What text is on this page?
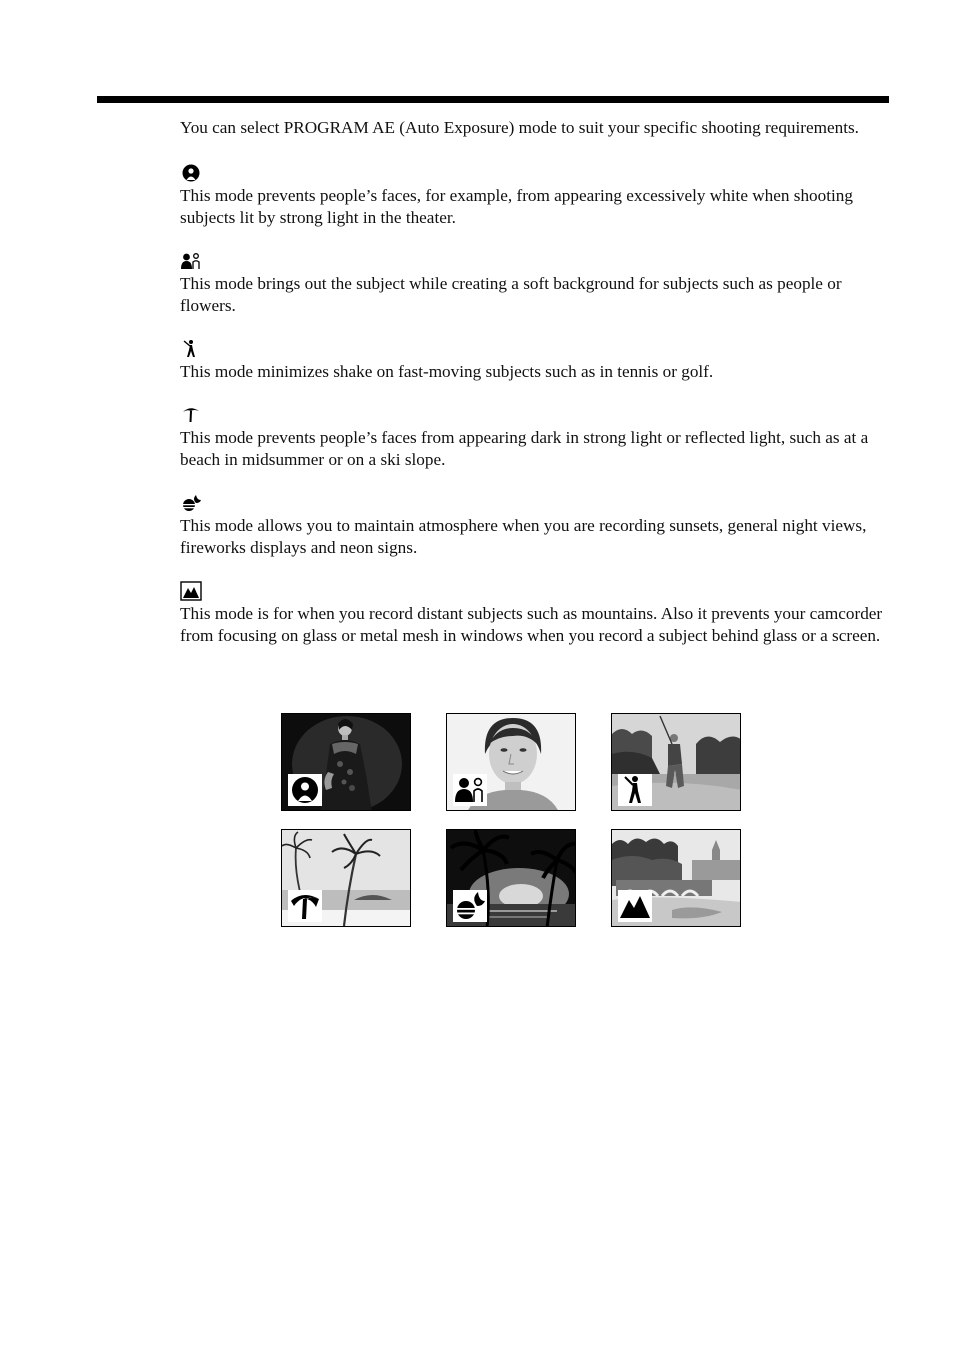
You can select PROGRAM AE (Auto Exposure) mode to suit your specific shooting requirements.

This mode prevents people’s faces, for example, from appearing excessively white when shooting subjects lit by strong light in the theater.

This mode brings out the subject while creating a soft background for subjects such as people or flowers.

This mode minimizes shake on fast-moving subjects such as in tennis or golf.

This mode prevents people’s faces from appearing dark in strong light or reflected light, such as at a beach in midsummer or on a ski slope.

This mode allows you to maintain atmosphere when you are recording sunsets, general night views, fireworks displays and neon signs.

This mode is for when you record distant subjects such as mountains. Also it prevents your camcorder from focusing on glass or metal mesh in windows when you record a subject behind glass or a screen.
